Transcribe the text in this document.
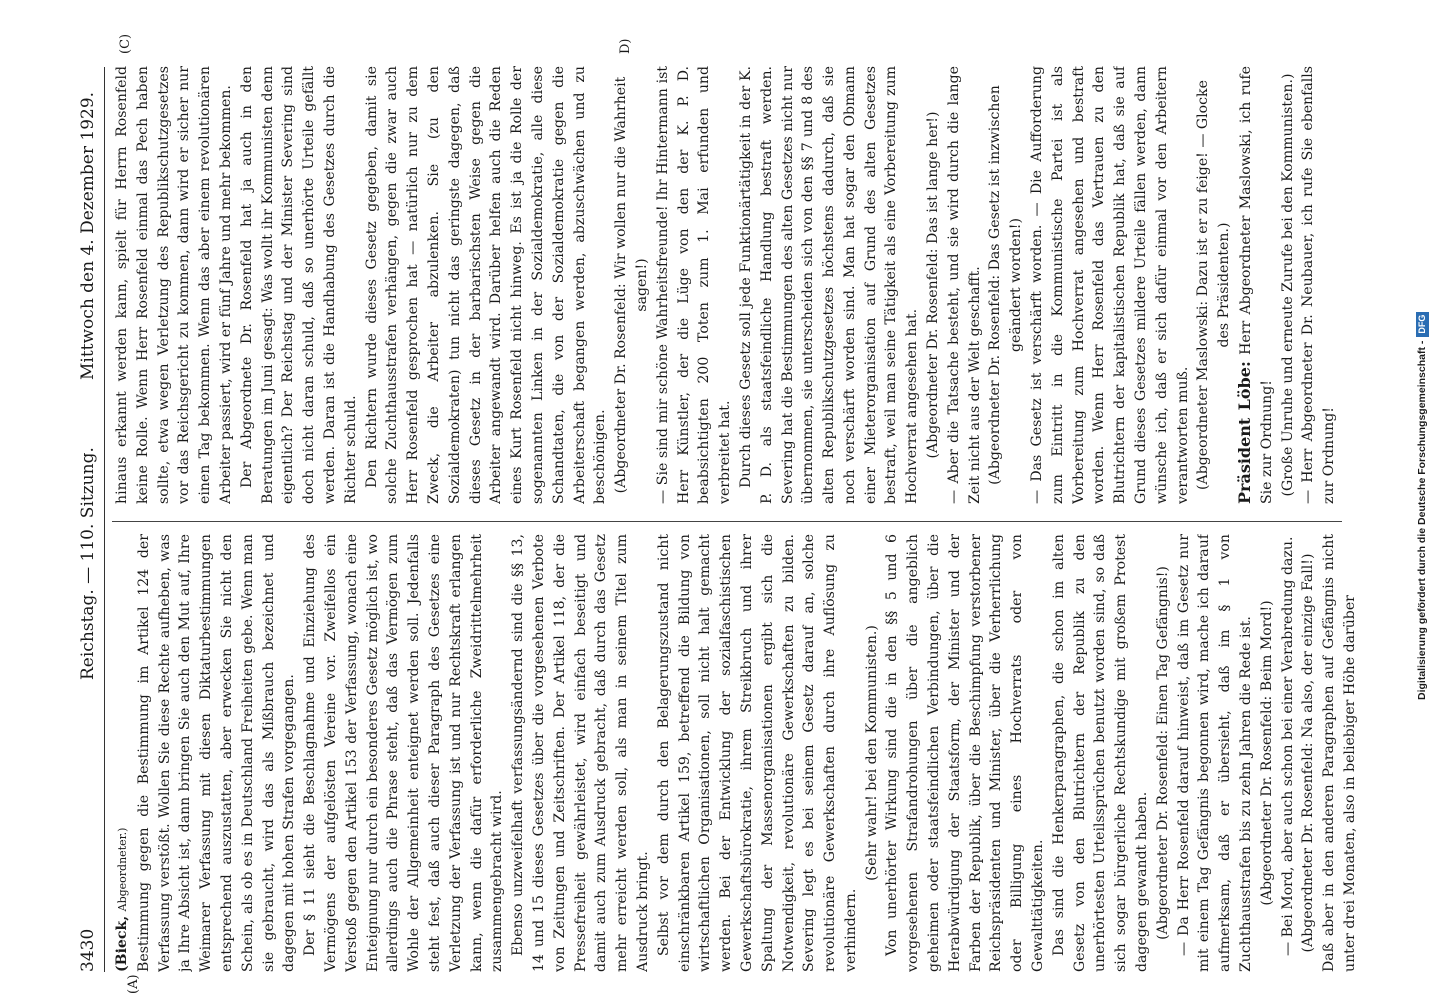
3430
Reichstag. — 110. Sitzung.
Mittwoch den 4. Dezember 1929.
(A)
(C)	D)

(Bieck, Abgeordneter.) Bestimmung gegen die Bestimmung im Artikel 124 der Verfassung verstößt. Wollen Sie diese Rechte aufheben, was ja Ihre Absicht ist, dann bringen Sie auch den Mut auf, Ihre Weimarer Verfassung mit diesen Diktaturbestimmungen entsprechend auszustatten, aber erwecken Sie nicht den Schein, als ob es in Deutschland Freiheiten gebe. Wenn man sie gebraucht, wird das als Mißbrauch bezeichnet und dagegen mit hohen Strafen vorgegangen. Der § 11 sieht die Beschlagnahme und Einziehung des Vermögens der aufgelösten Vereine vor. Zweifellos ein Verstoß gegen den Artikel 153 der Verfassung, wonach eine Enteignung nur durch ein besonderes Gesetz möglich ist, wo allerdings auch die Phrase steht, daß das Vermögen zum Wohle der Allgemeinheit enteignet werden soll. Jedenfalls steht fest, daß auch dieser Paragraph des Gesetzes eine Verletzung der Verfassung ist und nur Rechtskraft erlangen kann, wenn die dafür erforderliche Zweidrittelmehrheit zusammengebracht wird. Ebenso unzweifelhaft verfassungsändernd sind die §§ 13, 14 und 15 dieses Gesetzes über die vorgesehenen Verbote von Zeitungen und Zeitschriften. Der Artikel 118, der die Pressefreiheit gewährleistet, wird einfach beseitigt und damit auch zum Ausdruck gebracht, daß durch das Gesetz mehr erreicht werden soll, als man in seinem Titel zum Ausdruck bringt. Selbst vor dem durch den Belagerungszustand nicht einschränkbaren Artikel 159, betreffend die Bildung von wirtschaftlichen Organisationen, soll nicht halt gemacht werden. Bei der Entwicklung der sozialfaschistischen Gewerkschaftsbürokratie, ihrem Streikbruch und ihrer Spaltung der Massenorganisationen ergibt sich die Notwendigkeit, revolutionäre Gewerkschaften zu bilden. Severing legt es bei seinem Gesetz darauf an, solche revolutionäre Gewerkschaften durch ihre Auflösung zu verhindern.

(Sehr wahr! bei den Kommunisten.) Von unerhörter Wirkung sind die in den §§ 5 und 6 vorgesehenen Strafandrohungen über die angeblich geheimen oder staatsfeindlichen Verbindungen, über die Herabwürdigung der Staatsform, der Minister und der Farben der Republik, über die Beschimpfung verstorbener Reichspräsidenten und Minister, über die Verherrlichung oder Billigung eines Hochverrats oder von Gewalttätigkeiten. Das sind die Henkerparagraphen, die schon im alten Gesetz von den Blutrichtern der Republik zu den unerhörtesten Urteilssprüchen benutzt worden sind, so daß sich sogar bürgerliche Rechtskundige mit großem Protest dagegen gewandt haben. (Abgeordneter Dr. Rosenfeld: Einen Tag Gefängnis!) — Da Herr Rosenfeld darauf hinweist, daß im Gesetz nur mit einem Tag Gefängnis begonnen wird, mache ich darauf aufmerksam, daß er übersieht, daß im § 1 von Zuchthausstrafen bis zu zehn Jahren die Rede ist. (Abgeordneter Dr. Rosenfeld: Beim Mord!) — Bei Mord, aber auch schon bei einer Verabredung dazu. (Abgeordneter Dr. Rosenfeld: Na also, der einzige Fall!) Daß aber in den anderen Paragraphen auf Gefängnis nicht unter drei Monaten, also in beliebiger Höhe darüber

hinaus erkannt werden kann, spielt für Herrn Rosenfeld keine Rolle. Wenn Herr Rosenfeld einmal das Pech haben sollte, etwa wegen Verletzung des Republikschutzgesetzes vor das Reichsgericht zu kommen, dann wird er sicher nur einen Tag bekommen. Wenn das aber einem revolutionären Arbeiter passiert, wird er fünf Jahre und mehr bekommen. Der Abgeordnete Dr. Rosenfeld hat ja auch in den Beratungen im Juni gesagt: Was wollt ihr Kommunisten denn eigentlich? Der Reichstag und der Minister Severing sind doch nicht daran schuld, daß so unerhörte Urteile gefällt werden. Daran ist die Handhabung des Gesetzes durch die Richter schuld. Den Richtern wurde dieses Gesetz gegeben, damit sie solche Zuchthausstrafen verhängen, gegen die zwar auch Herr Rosenfeld gesprochen hat — natürlich nur zu dem Zweck, die Arbeiter abzulenken. Sie (zu den Sozialdemokraten) tun nicht das geringste dagegen, daß dieses Gesetz in der barbarischsten Weise gegen die Arbeiter angewandt wird. Darüber helfen auch die Reden eines Kurt Rosenfeld nicht hinweg. Es ist ja die Rolle der sogenannten Linken in der Sozialdemokratie, alle diese Schandtaten, die von der Sozialdemokratie gegen die Arbeiterschaft begangen werden, abzuschwächen und zu beschönigen. (Abgeordneter Dr. Rosenfeld: Wir wollen nur die Wahrheit sagen!) — Sie sind mir schöne Wahrheitsfreunde! Ihr Hintermann ist Herr Künstler, der die Lüge von den der K. P. D. beabsichtigten 200 Toten zum 1. Mai erfunden und verbreitet hat. Durch dieses Gesetz soll jede Funktionärtätigkeit in der K. P. D. als staatsfeindliche Handlung bestraft werden. Severing hat die Bestimmungen des alten Gesetzes nicht nur übernommen, sie unterscheiden sich von den §§ 7 und 8 des alten Republikschutzgesetzes höchstens dadurch, daß sie noch verschärft worden sind. Man hat sogar den Obmann einer Mieterorganisation auf Grund des alten Gesetzes bestraft, weil man seine Tätigkeit als eine Vorbereitung zum Hochverrat angesehen hat. (Abgeordneter Dr. Rosenfeld: Das ist lange her!) — Aber die Tatsache besteht, und sie wird durch die lange Zeit nicht aus der Welt geschafft. (Abgeordneter Dr. Rosenfeld: Das Gesetz ist inzwischen geändert worden!) — Das Gesetz ist verschärft worden. — Die Aufforderung zum Eintritt in die Kommunistische Partei ist als Vorbereitung zum Hochverrat angesehen und bestraft worden. Wenn Herr Rosenfeld das Vertrauen zu den Blutrichtern der kapitalistischen Republik hat, daß sie auf Grund dieses Gesetzes mildere Urteile fällen werden, dann wünsche ich, daß er sich dafür einmal vor den Arbeitern verantworten muß. (Abgeordneter Maslowski: Dazu ist er zu feige! — Glocke des Präsidenten.)

Präsident Löbe: Herr Abgeordneter Maslowski, ich rufe Sie zur Ordnung! (Große Unruhe und erneute Zurufe bei den Kommunisten.) — Herr Abgeordneter Dr. Neubauer, ich rufe Sie ebenfalls zur Ordnung!	Digitalisierung gefördert durch die Deutsche Forschungsgemeinschaft -DFG
